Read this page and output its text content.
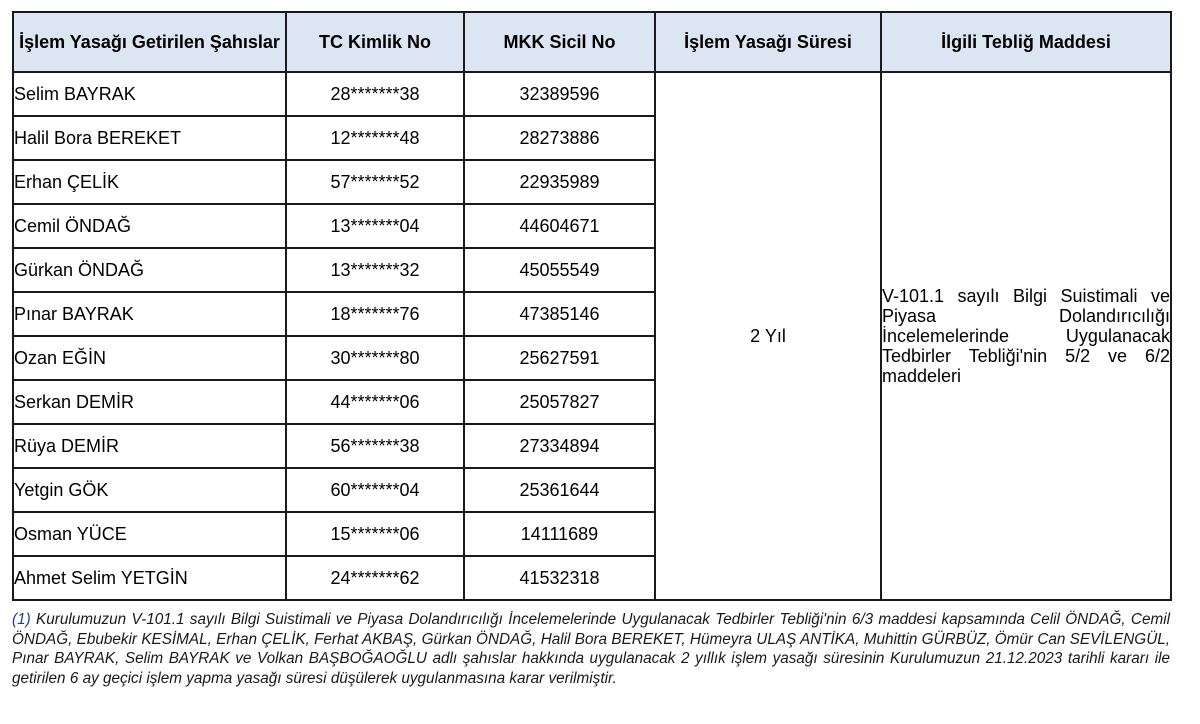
İşlem Yasağı Getirilen Şahıslar	TC Kimlik No	MKK Sicil No	İşlem Yasağı Süresi	İlgili Tebliğ Maddesi
Selim BAYRAK	28*******38	32389596	2 Yıl	V-101.1 sayılı Bilgi Suistimali ve Piyasa Dolandırıcılığı İncelemelerinde Uygulanacak Tedbirler Tebliği'nin 5/2 ve 6/2 maddeleri

Halil Bora BEREKET	12*******48	28273886		
Erhan ÇELİK	57*******52	22935989		
Cemil ÖNDAĞ	13*******04	44604671		
Gürkan ÖNDAĞ	13*******32	45055549		
Pınar BAYRAK	18*******76	47385146		
Ozan EĞİN	30*******80	25627591		
Serkan DEMİR	44*******06	25057827		
Rüya DEMİR	56*******38	27334894		
Yetgin GÖK	60*******04	25361644		
Osman YÜCE	15*******06	14111689		
Ahmet Selim YETGİN	24*******62	41532318		
(1) Kurulumuzun V-101.1 sayılı Bilgi Suistimali ve Piyasa Dolandırıcılığı İncelemelerinde Uygulanacak Tedbirler Tebliği'nin 6/3 maddesi kapsamında Celil ÖNDAĞ, Cemil ÖNDAĞ, Ebubekir KESİMAL, Erhan ÇELİK, Ferhat AKBAŞ, Gürkan ÖNDAĞ, Halil Bora BEREKET, Hümeyra ULAŞ ANTİKA, Muhittin GÜRBÜZ, Ömür Can SEVİLENGÜL, Pınar BAYRAK, Selim BAYRAK ve Volkan BAŞBOĞAOĞLU adlı şahıslar hakkında uygulanacak 2 yıllık işlem yasağı süresinin Kurulumuzun 21.12.2023 tarihli kararı ile getirilen 6 ay geçici işlem yapma yasağı süresi düşülerek uygulanmasına karar verilmiştir.
